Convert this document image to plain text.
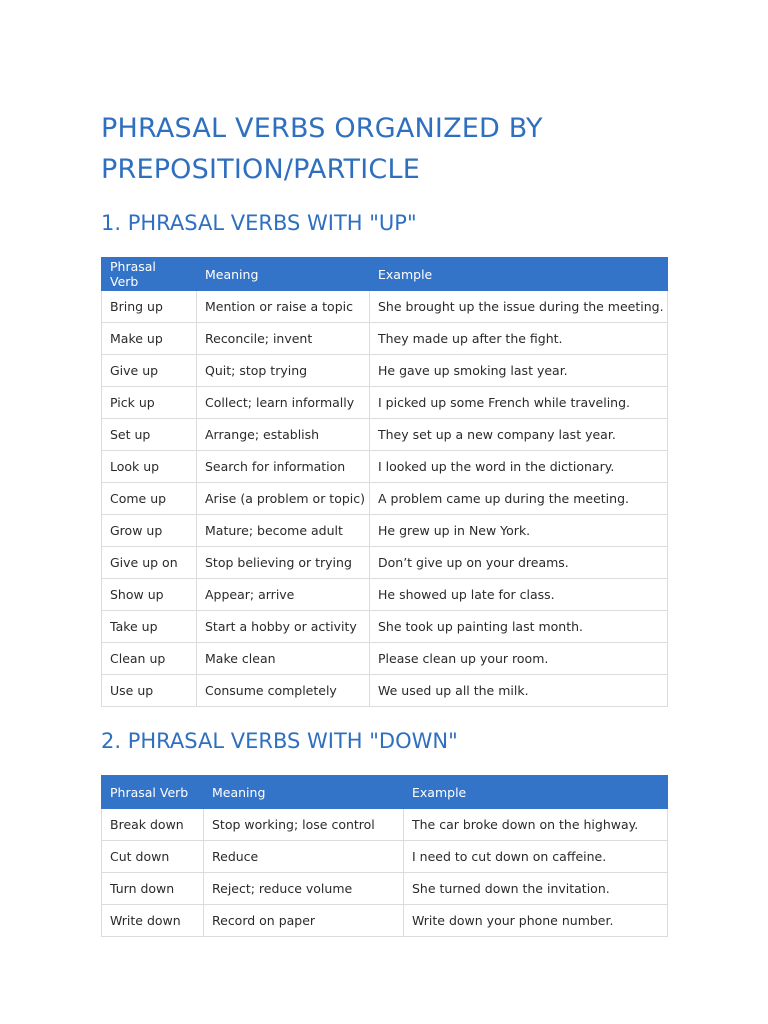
PHRASAL VERBS ORGANIZED BY PREPOSITION/PARTICLE
1. PHRASAL VERBS WITH "UP"
Phrasal Verb	Meaning	Example
Bring up	Mention or raise a topic	She brought up the issue during the meeting.
Make up	Reconcile; invent	They made up after the fight.
Give up	Quit; stop trying	He gave up smoking last year.
Pick up	Collect; learn informally	I picked up some French while traveling.
Set up	Arrange; establish	They set up a new company last year.
Look up	Search for information	I looked up the word in the dictionary.
Come up	Arise (a problem or topic)	A problem came up during the meeting.
Grow up	Mature; become adult	He grew up in New York.
Give up on	Stop believing or trying	Don’t give up on your dreams.
Show up	Appear; arrive	He showed up late for class.
Take up	Start a hobby or activity	She took up painting last month.
Clean up	Make clean	Please clean up your room.
Use up	Consume completely	We used up all the milk.
2. PHRASAL VERBS WITH "DOWN"
Phrasal Verb	Meaning	Example
Break down	Stop working; lose control	The car broke down on the highway.
Cut down	Reduce	I need to cut down on caffeine.
Turn down	Reject; reduce volume	She turned down the invitation.
Write down	Record on paper	Write down your phone number.
